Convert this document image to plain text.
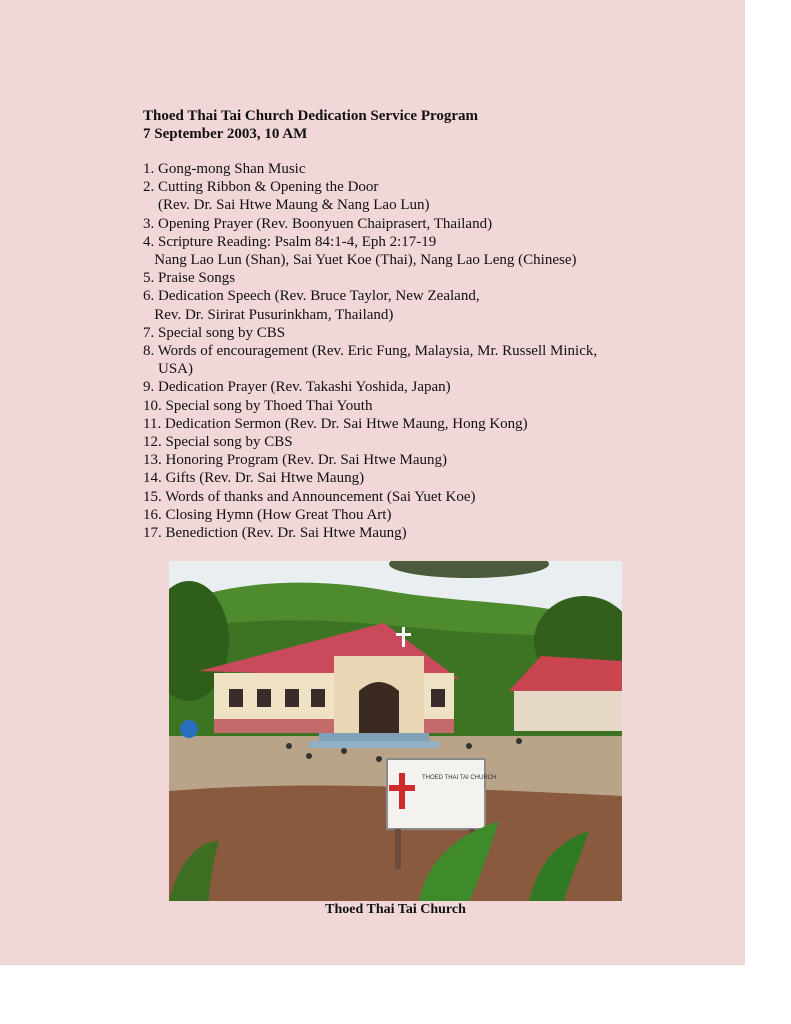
Thoed Thai Tai Church Dedication Service Program
7 September 2003, 10 AM
1. Gong-mong Shan Music
2. Cutting Ribbon & Opening the Door
(Rev. Dr. Sai Htwe Maung & Nang Lao Lun)
3. Opening Prayer (Rev. Boonyuen Chaiprasert, Thailand)
4. Scripture Reading: Psalm 84:1-4, Eph 2:17-19
Nang Lao Lun (Shan), Sai Yuet Koe (Thai), Nang Lao Leng (Chinese)
5. Praise Songs
6. Dedication Speech (Rev. Bruce Taylor, New Zealand,
Rev. Dr. Sirirat Pusurinkham, Thailand)
7. Special song by CBS
8. Words of encouragement (Rev. Eric Fung, Malaysia, Mr. Russell Minick,
USA)
9. Dedication Prayer (Rev. Takashi Yoshida, Japan)
10. Special song by Thoed Thai Youth
11. Dedication Sermon (Rev. Dr. Sai Htwe Maung, Hong Kong)
12. Special song by CBS
13. Honoring Program (Rev. Dr. Sai Htwe Maung)
14. Gifts (Rev. Dr. Sai Htwe Maung)
15. Words of thanks and Announcement (Sai Yuet Koe)
16. Closing Hymn (How Great Thou Art)
17. Benediction (Rev. Dr. Sai Htwe Maung)
THOED THAI TAI CHURCH
Thoed Thai Tai Church
